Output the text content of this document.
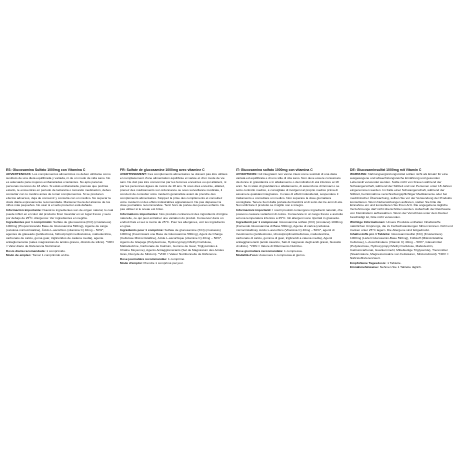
ES: Glucosamina Sulfato 1000mg con Vitamina C

ADVERTENCIAS: Los complementos alimenticios no deben utilizarse como sustituto de una dieta equilibrada y variada, ni de un modo de vida sano. No es adecuado para mujeres embarazadas o lactantes. No apto para las personas menores de 18 años. Si estás embarazada, piensas que podrías estarlo, te encuentras en periodo de lactancia o tomando medicación, debes consultar con tu médico antes de tomar complementos. Si se producen efectos adversos, deja de consumir y consulta con un médico. No superar la dosis diaria expresamente recomendada. Mantener fuera del alcance de los niños más pequeños. No usar si el sello protector está dañado.

Información importante: Nuestros ingredientes son de origen natural, lo cual puede influir en el color del producto final. Guardar en un lugar fresco y seco por debajo de 25ºC. Alérgenos: Ver ingredientes en negrita.

Ingredientes por 1 comprimido: Sulfato de glucosamina (KCl) (crustáceos) 1000mg (Proporcionando Base de Glucosamina 590mg), Agente de carga (celulosa microcristalina), Ácido L-ascórbico (vitamina C) 40mg – 50%*, agentes de glaseado (polidextrosa, hidroxipropil metilcelulosa, maltodextrina, carbonato de calcio, goma guar, triglicéridos de cadena media), agente antiaglomerante (sales magnésicas de ácidos grasos, dióxido de silicio). *VRN = Valor diario de Referencia Nutricional.

Dosis diaria recomendada: 1 comprimido.

Modo de empleo: Tomar 1 comprimido al día.

FR: Sulfate de glucosamine 1000mg avec vitamine C

AVERTISSEMENT: Ces compléments alimentaires ne doivent pas être utilisés en remplacement d'une alimentation équilibrée et variée et d'un mode de vie sain. Ne doit pas être consommé par les femmes enceintes ou qui allaitent, ni par les personnes âgées de moins de 18 ans. Si vous êtes enceinte, allaitez, prenez des médicaments sur ordonnance ou sous surveillance médicale, il convient de consulter votre médecin généraliste avant de prendre des compléments alimentaires. Stoppez la prise des compléments et consultez votre médecin si des effets indésirables apparaissent. Ne pas dépasser la dose journalière recommandée. Tenir hors de portée des jeunes enfants. Ne pas utiliser si le sceau est brisé.

Informations importantes: Nos produits contiennent des ingrédients d'origine naturelle, ce qui peut entraîner une variation du produit. Conservez dans un endroit frais et sec à moins de 25°C. Pour les allergènes, voir les ingrédients en gras.

Ingrédients pour 1 comprimé: Sulfate de glucosamine (KCl) (crustacés) 1000mg (Fournissant une Base de Glucosamine 590mg), Agent de Charge (Cellulose Microcristalline), Acide L-ascorbique (vitamine C) 40mg – 50%*, Agents de Glaçage (Polydextrose, Hydroxypropyl Méthyl Cellulose, Maltodextrine, Carbonate de Calcium, Gomme de Guar, Triglycérides à Chaîne Moyenne), Agents Antiagglomérants (Sel de Magnésium des Acides Gras, Dioxyde de Silicium). *VNR = Valeur Nutritionnelle de Référence.

Dose journalière recommandée: 1 comprimé.

Mode d'emploi: Prendre 1 comprimé par jour.

IT: Glucosamina solfato 1000mg con vitamina C

AVVERTENZE: Gli integratori non vanno intesi come sostituti di una dieta variata ed equilibrata e di uno stile di vita sano. Non deve essere consumato da donne in gravidanza o in allattamento o da individui di età inferiore ai 18 anni. Se in stato di gravidanza o allattamento, di assunzione di farmaci o se sotto controllo medico, è consigliato di rivolgersi al proprio medico prima di assumere qualsiasi integratore. In caso di effetti indesiderati, sospendere il trattamento e consultare un medico. Non superare la dose giornaliera consigliata. Tenere fuori dalla portata dei bambini al di sotto dei tre anni di età. Non utilizzare il prodotto se il sigillo non è integro.

Informazioni importanti: I nostri prodotti contengono ingredienti naturali, che possono causare variazioni di colore. Conservare in un luogo fresco e asciutto ad una temperatura inferiore a 25°C. Gli allergeni sono riportati in grassetto.

Ingredienti per 1 compressa: Glucosamina solfato (KCl) (crostacei) 1000mg (Fornendo Glucosamina di Base 590mg), Agente di carica (cellulosa microcristallina), Acido L-ascorbico (Vitamina C) 40mg – 50%*, agenti di rivestimento (polidestrosio, idrossipropilmetilcellulosa, maltodestrina, carbonato di calcio, gomma di guar, trigliceridi a catena media), Agenti antiagglomeranti (acido stearico, Sali di magnesio degli acidi grassi, biossido di silicio). *VRN = Valore di Riferimento Nutritivo.

Dose giornaliera raccomandata: 1 compressa.

Modalità d'uso: Assumere 1 compressa al giorno.

DE: Glucosaminsulfat 1000mg mit Vitamin C

WARNUNG: Nahrungsergänzungsmittel sollten nicht als Ersatz für eine ausgewogene und abwechslungsreiche Ernährung und gesunden Lebensstil verwendet werden. Sollte nicht von Frauen während der Schwangerschaft, während der Stillzeit und von Personen unter 18 Jahren eingenommen werden. Im Falle einer Schwangerschaft, während der Stillzeit, bei Einnahme verschreibungspflichtiger Medikamente oder bei medizinischer Überwachung, sollten Sie vor der Verwendung der Produkts konsultieren. Wenn Nebenwirkungen auftreten, stellen Sie bitte die Einnahme ein und konsultieren Sie Ihren Arzt. Die angegebene tägliche Verzehrmenge darf nicht überschritten werden. Außerhalb der Reichweite von Kleinkindern aufbewahren. Wenn der Verschluss unter dem Deckel beschädigt ist, bitte nicht verwenden.

Wichtige Informationen: Unsere Produkte enthalten Inhaltsstoffe natürlichen Ursprungs, die zu Farbschwankungen führen können. Kühl und trocken unter 25°C lagern. Die Allergene sind fettgedruckt.

Inhaltsstoffe pro 1 Tablette: Glucosaminsulfat (KCl) (Krustentiere) 1000mg (Liefert Glucosamin-Base 590mg), Füllstoff (Mikrokristalline Cellulose), L-Ascorbinsäure (Vitamin C) 40mg – 50%*, Glasurmittel (Polydextrose, Hydroxypropyl Methyl Cellulose, Maltodextrin, Calciumcarbonat, Guarkernmehl, Mittelkettige Triglyceride), Trennmittel (Stearinsäure, Magnesiumsalze von Fettsäuren, Siliciumdioxid). *NRV = Nährstoffreferenzwert.

Empfohlene Tagesdosis: 1 Tablette.

Einnahmehinweise: Nehmen Sie 1 Tablette täglich.
